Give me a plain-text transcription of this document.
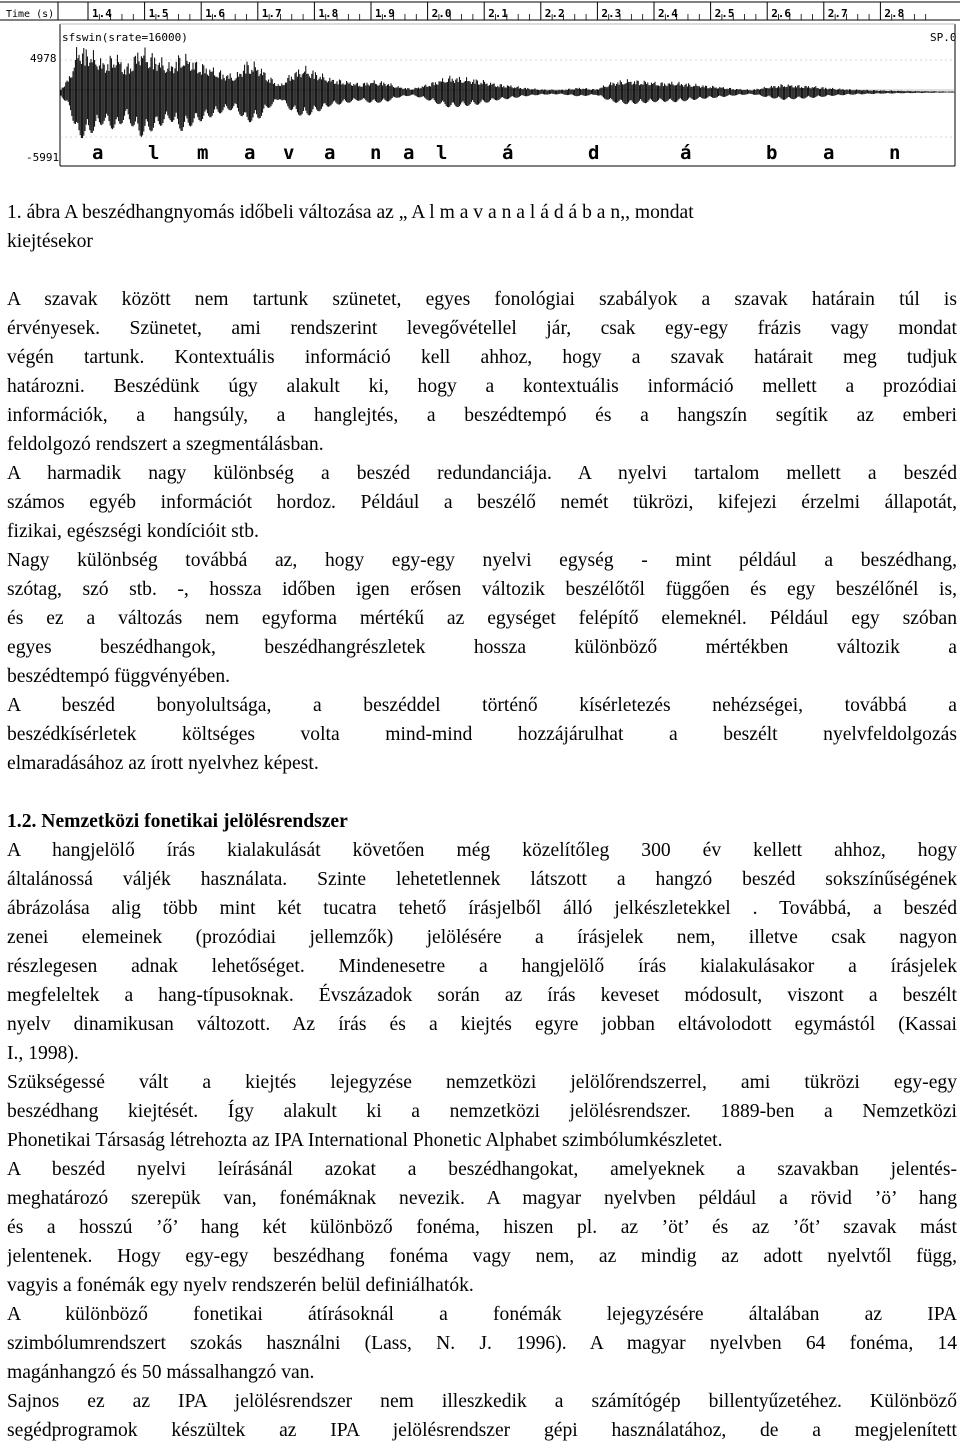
Time (s)	1.4	1.5	1.6	1.7	1.8	1.9	2.0	2.1	2.2	2.3	2.4	2.5	2.6	2.7	2.8
sfswin(srate=16000)	SP.0
4978
-5991 a l m a v a n a l	á	d	á	b a	n
1. ábra A beszédhangnyomás időbeli változása az „ A l m a v a n a l á d á b a n,, mondat
kiejtésekor
A szavak között nem tartunk szünetet, egyes fonológiai szabályok a szavak határain túl is
érvényesek. Szünetet, ami rendszerint levegővétellel jár, csak egy-egy frázis vagy mondat
végén tartunk. Kontextuális információ kell ahhoz, hogy a szavak határait meg tudjuk
határozni. Beszédünk úgy alakult ki, hogy a kontextuális információ mellett a prozódiai
információk, a hangsúly, a hanglejtés, a beszédtempó és a hangszín segítik az emberi
feldolgozó rendszert a szegmentálásban.
A harmadik nagy különbség a beszéd redundanciája. A nyelvi tartalom mellett a beszéd
számos egyéb információt hordoz. Például a beszélő nemét tükrözi, kifejezi érzelmi állapotát,
fizikai, egészségi kondícióit stb.
Nagy különbség továbbá az, hogy egy-egy nyelvi egység - mint például a beszédhang,
szótag, szó stb. -, hossza időben igen erősen változik beszélőtől függően és egy beszélőnél is,
és ez a változás nem egyforma mértékű az egységet felépítő elemeknél. Például egy szóban
egyes beszédhangok, beszédhangrészletek hossza különböző mértékben változik a
beszédtempó függvényében.
A beszéd bonyolultsága, a beszéddel történő kísérletezés nehézségei, továbbá a
beszédkísérletek költséges volta mind-mind hozzájárulhat a beszélt nyelvfeldolgozás
elmaradásához az írott nyelvhez képest.
1.2. Nemzetközi fonetikai jelölésrendszer
A hangjelölő írás kialakulását követően még közelítőleg 300 év kellett ahhoz, hogy
általánossá váljék használata. Szinte lehetetlennek látszott a hangzó beszéd sokszínűségének
ábrázolása alig több mint két tucatra tehető írásjelből álló jelkészletekkel . Továbbá, a beszéd
zenei elemeinek (prozódiai jellemzők) jelölésére a írásjelek nem, illetve csak nagyon
részlegesen adnak lehetőséget. Mindenesetre a hangjelölő írás kialakulásakor a írásjelek
megfeleltek a hang-típusoknak. Évszázadok során az írás keveset módosult, viszont a beszélt
nyelv dinamikusan változott. Az írás és a kiejtés egyre jobban eltávolodott egymástól (Kassai
I., 1998).
Szükségessé vált a kiejtés lejegyzése nemzetközi jelölőrendszerrel, ami tükrözi egy-egy
beszédhang kiejtését. Így alakult ki a nemzetközi jelölésrendszer. 1889-ben a Nemzetközi
Phonetikai Társaság létrehozta az IPA International Phonetic Alphabet szimbólumkészletet.
A beszéd nyelvi leírásánál azokat a beszédhangokat, amelyeknek a szavakban jelentés-
meghatározó szerepük van, fonémáknak nevezik. A magyar nyelvben például a rövid ’ö’ hang
és a hosszú ’ő’ hang két különböző fonéma, hiszen pl. az ’öt’ és az ’őt’ szavak mást
jelentenek. Hogy egy-egy beszédhang fonéma vagy nem, az mindig az adott nyelvtől függ,
vagyis a fonémák egy nyelv rendszerén belül definiálhatók.
A különböző fonetikai átírásoknál a fonémák lejegyzésére általában az IPA
szimbólumrendszert szokás használni (Lass, N. J. 1996). A magyar nyelvben 64 fonéma, 14
magánhangzó és 50 mássalhangzó van.
Sajnos ez az IPA jelölésrendszer nem illeszkedik a számítógép billentyűzetéhez. Különböző
segédprogramok készültek az IPA jelölésrendszer gépi használatához, de a megjelenített
